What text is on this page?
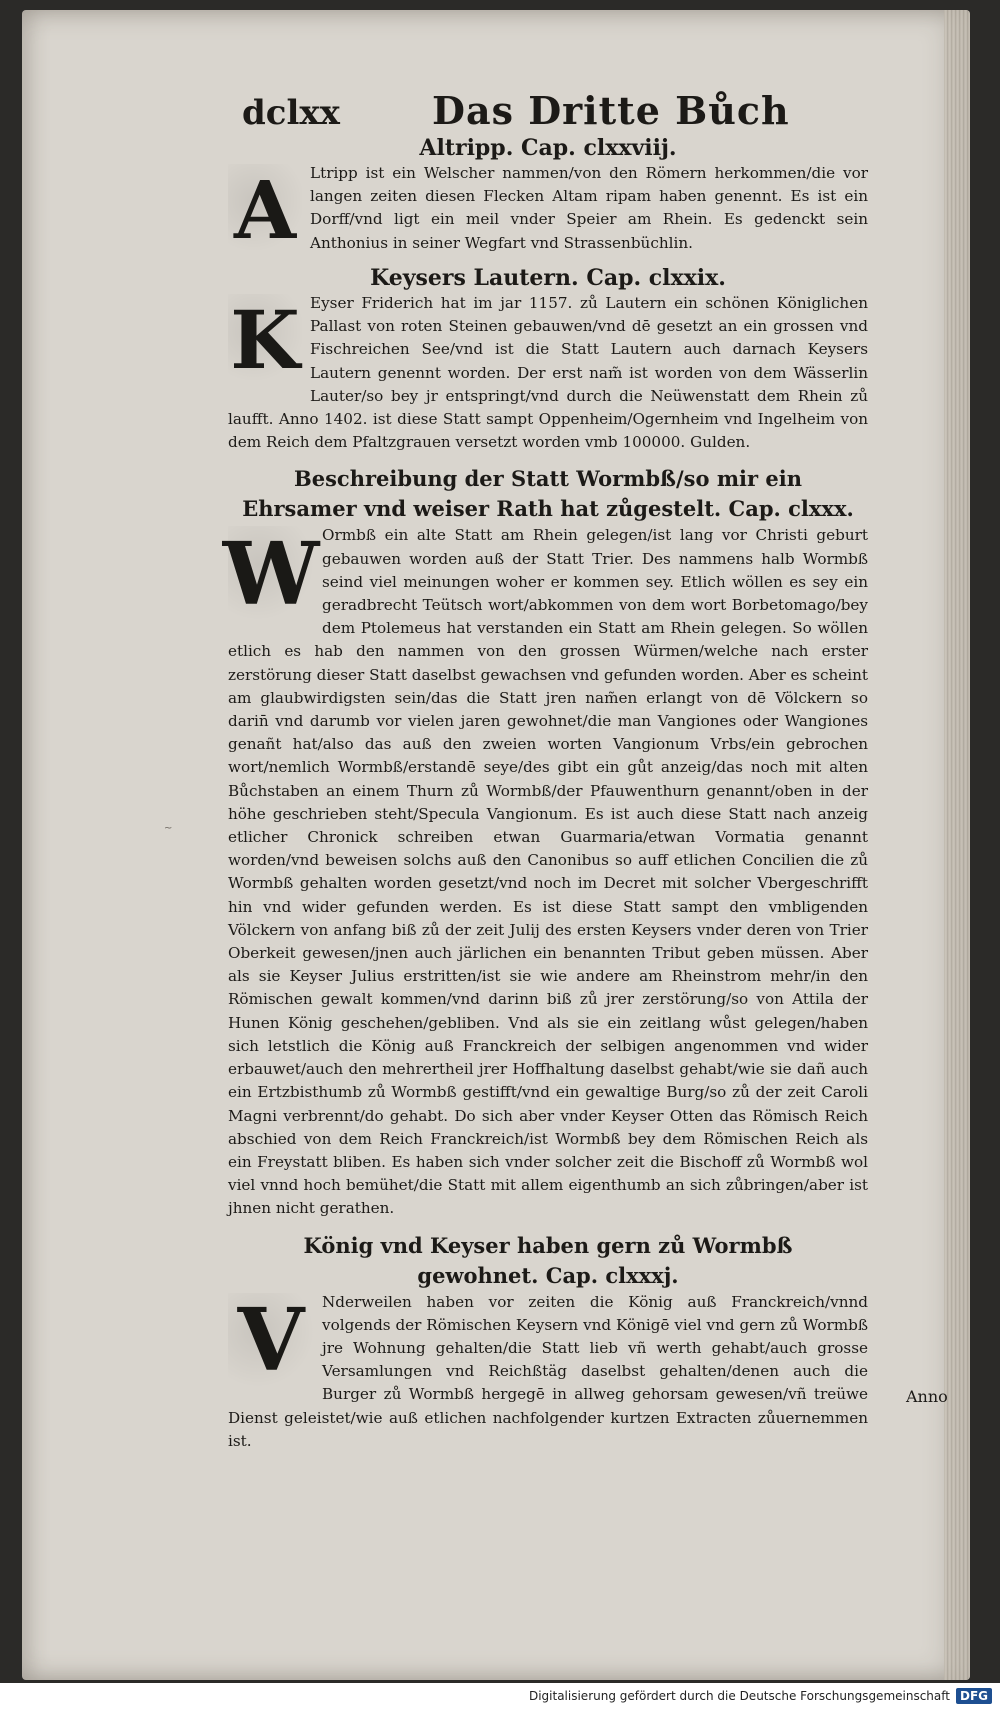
dclxx	Das Dritte Bůch

Altripp. Cap. clxxviij.

A Ltripp ist ein Welscher nammen/von den Römern herkommen/die vor langen zeiten diesen Flecken Altam ripam haben genennt. Es ist ein Dorff/vnd ligt ein meil vnder Speier am Rhein. Es gedenckt sein Anthonius in seiner Wegfart vnd Strassenbüchlin.

Keysers Lautern. Cap. clxxix.

K Eyser Friderich hat im jar 1157. zů Lautern ein schönen Königlichen Pallast von roten Steinen gebauwen/vnd dē gesetzt an ein grossen vnd Fischreichen See/vnd ist die Statt Lautern auch darnach Keysers Lautern genennt worden. Der erst nam̃ ist worden von dem Wässerlin Lauter/so bey jr entspringt/vnd durch die Neüwenstatt dem Rhein zů laufft. Anno 1402. ist diese Statt sampt Oppenheim/Ogernheim vnd Ingelheim von dem Reich dem Pfaltzgrauen versetzt worden vmb 100000. Gulden.

Beschreibung der Statt Wormbß/so mir ein Ehrsamer vnd weiser Rath hat zůgestelt. Cap. clxxx.

W Ormbß ein alte Statt am Rhein gelegen/ist lang vor Christi geburt gebauwen worden auß der Statt Trier. Des nammens halb Wormbß seind viel meinungen woher er kommen sey. Etlich wöllen es sey ein geradbrecht Teütsch wort/abkommen von dem wort Borbetomago/bey dem Ptolemeus hat verstanden ein Statt am Rhein gelegen. So wöllen etlich es hab den nammen von den grossen Würmen/welche nach erster zerstörung dieser Statt daselbst gewachsen vnd gefunden worden. Aber es scheint am glaubwirdigsten sein/das die Statt jren nam̃en erlangt von dē Völckern so darin̄ vnd darumb vor vielen jaren gewohnet/die man Vangiones oder Wangiones genañt hat/also das auß den zweien worten Vangionum Vrbs/ein gebrochen wort/nemlich Wormbß/erstandē seye/des gibt ein gůt anzeig/das noch mit alten Bůchstaben an einem Thurn zů Wormbß/der Pfauwenthurn genannt/oben in der höhe geschrieben steht/Specula Vangionum. Es ist auch diese Statt nach anzeig etlicher Chronick schreiben etwan Guarmaria/etwan Vormatia genannt worden/vnd beweisen solchs auß den Canonibus so auff etlichen Concilien die zů Wormbß gehalten worden gesetzt/vnd noch im Decret mit solcher Vbergeschrifft hin vnd wider gefunden werden. Es ist diese Statt sampt den vmbligenden Völckern von anfang biß zů der zeit Julij des ersten Keysers vnder deren von Trier Oberkeit gewesen/jnen auch järlichen ein benannten Tribut geben müssen. Aber als sie Keyser Julius erstritten/ist sie wie andere am Rheinstrom mehr/in den Römischen gewalt kommen/vnd darinn biß zů jrer zerstörung/so von Attila der Hunen König geschehen/gebliben. Vnd als sie ein zeitlang wůst gelegen/haben sich letstlich die König auß Franckreich der selbigen angenommen vnd wider erbauwet/auch den mehrertheil jrer Hoffhaltung daselbst gehabt/wie sie dañ auch ein Ertzbisthumb zů Wormbß gestifft/vnd ein gewaltige Burg/so zů der zeit Caroli Magni verbrennt/do gehabt. Do sich aber vnder Keyser Otten das Römisch Reich abschied von dem Reich Franckreich/ist Wormbß bey dem Römischen Reich als ein Freystatt bliben. Es haben sich vnder solcher zeit die Bischoff zů Wormbß wol viel vnnd hoch bemühet/die Statt mit allem eigenthumb an sich zůbringen/aber ist jhnen nicht gerathen.

König vnd Keyser haben gern zů Wormbß gewohnet. Cap. clxxxj.

V	Nderweilen haben vor zeiten die König auß Franckreich/vnnd volgends der Römischen Keysern vnd Königē viel vnd gern zů Wormbß jre Wohnung gehalten/die Statt lieb vñ werth gehabt/auch grosse Versamlungen vnd Reichßtäg daselbst gehalten/denen auch die Burger zů Wormbß hergegē in allweg gehorsam gewesen/vñ treüwe Dienst geleistet/wie auß etlichen nachfolgender kurtzen Extracten zůuernemmen ist.

~
Anno
Digitalisierung gefördert durch die Deutsche Forschungsgemeinschaft DFG
